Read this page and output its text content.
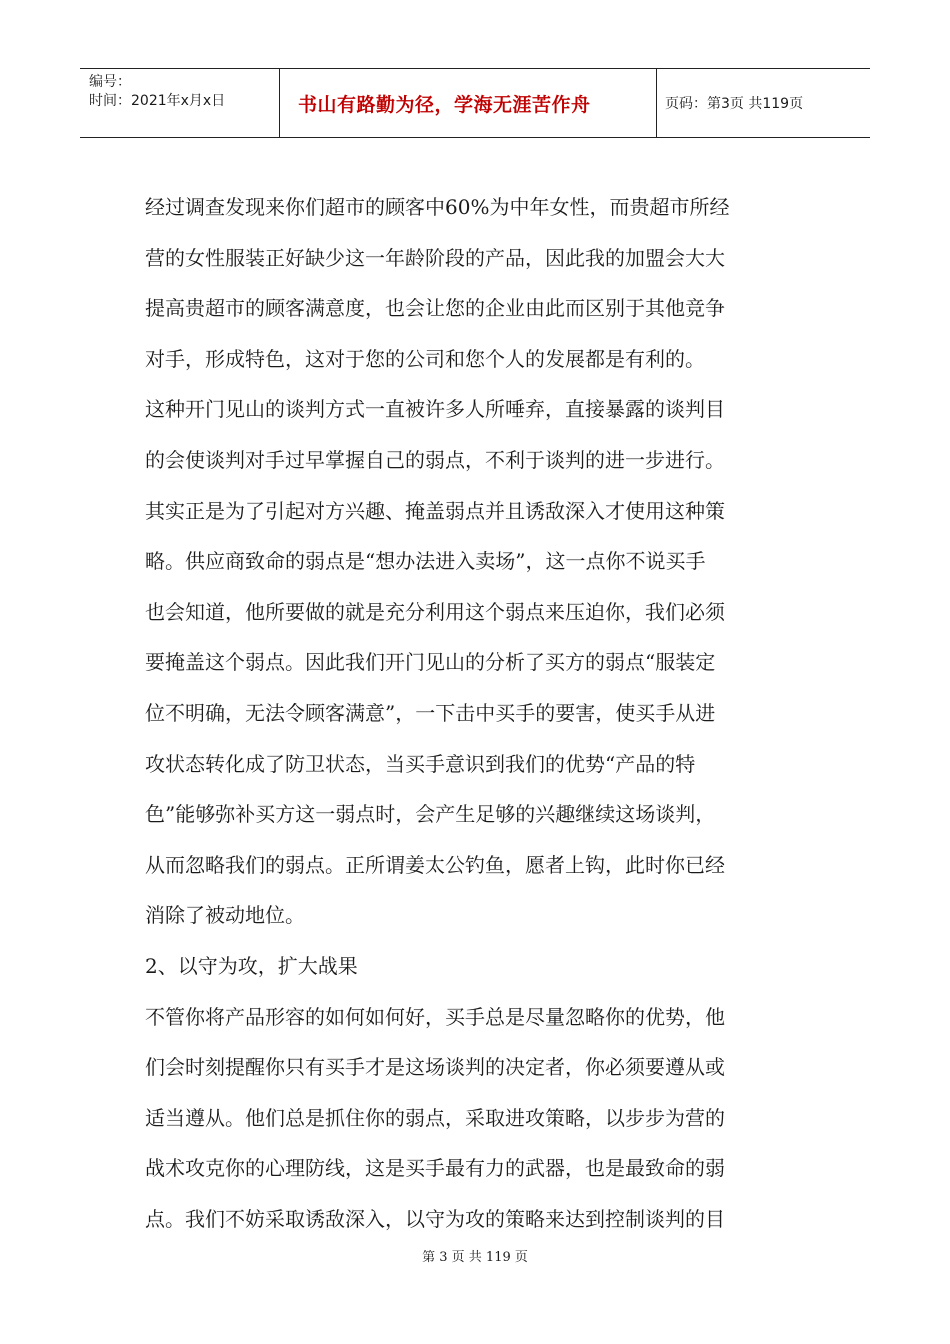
编号：
时间：2021年x月x日	书山有路勤为径，学海无涯苦作舟	页码：第3页 共119页
经过调查发现来你们超市的顾客中60%为中年女性，而贵超市所经
营的女性服装正好缺少这一年龄阶段的产品，因此我的加盟会大大
提高贵超市的顾客满意度，也会让您的企业由此而区别于其他竞争
对手，形成特色，这对于您的公司和您个人的发展都是有利的。
这种开门见山的谈判方式一直被许多人所唾弃，直接暴露的谈判目
的会使谈判对手过早掌握自己的弱点，不利于谈判的进一步进行。
其实正是为了引起对方兴趣、掩盖弱点并且诱敌深入才使用这种策
略。供应商致命的弱点是“想办法进入卖场”，这一点你不说买手
也会知道，他所要做的就是充分利用这个弱点来压迫你，我们必须
要掩盖这个弱点。因此我们开门见山的分析了买方的弱点“服装定
位不明确，无法令顾客满意”，一下击中买手的要害，使买手从进
攻状态转化成了防卫状态，当买手意识到我们的优势“产品的特
色”能够弥补买方这一弱点时，会产生足够的兴趣继续这场谈判，
从而忽略我们的弱点。正所谓姜太公钓鱼，愿者上钩，此时你已经
消除了被动地位。
2、以守为攻，扩大战果
不管你将产品形容的如何如何好，买手总是尽量忽略你的优势，他
们会时刻提醒你只有买手才是这场谈判的决定者，你必须要遵从或
适当遵从。他们总是抓住你的弱点，采取进攻策略，以步步为营的
战术攻克你的心理防线，这是买手最有力的武器，也是最致命的弱
点。我们不妨采取诱敌深入，以守为攻的策略来达到控制谈判的目
第 3 页 共 119 页
